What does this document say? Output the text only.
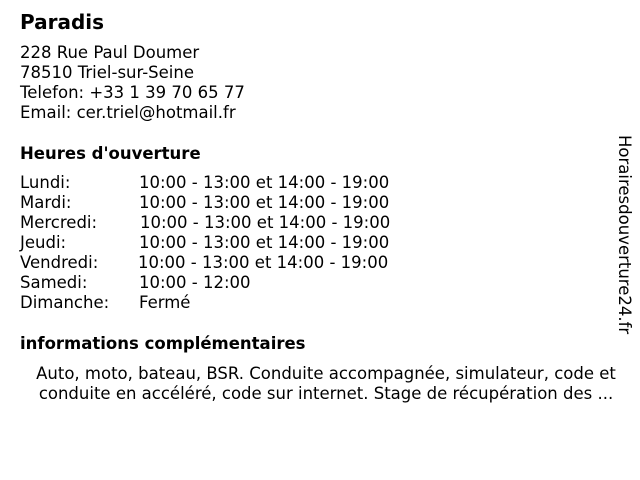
Paradis
228 Rue Paul Doumer
78510 Triel-sur-Seine
Telefon: +33 1 39 70 65 77
Email: cer.triel@hotmail.fr
Heures d'ouverture
Lundi:	10:00 - 13:00 et 14:00 - 19:00
Mardi:	10:00 - 13:00 et 14:00 - 19:00
Mercredi:	10:00 - 13:00 et 14:00 - 19:00
Jeudi:	10:00 - 13:00 et 14:00 - 19:00
Vendredi: 10:00 - 13:00 et 14:00 - 19:00
Samedi:	10:00 - 12:00
Dimanche: Fermé
informations complémentaires
Auto, moto, bateau, BSR. Conduite accompagnée, simulateur, code et conduite en accéléré, code sur internet. Stage de récupération des ...
Horairesdouverture24.fr
